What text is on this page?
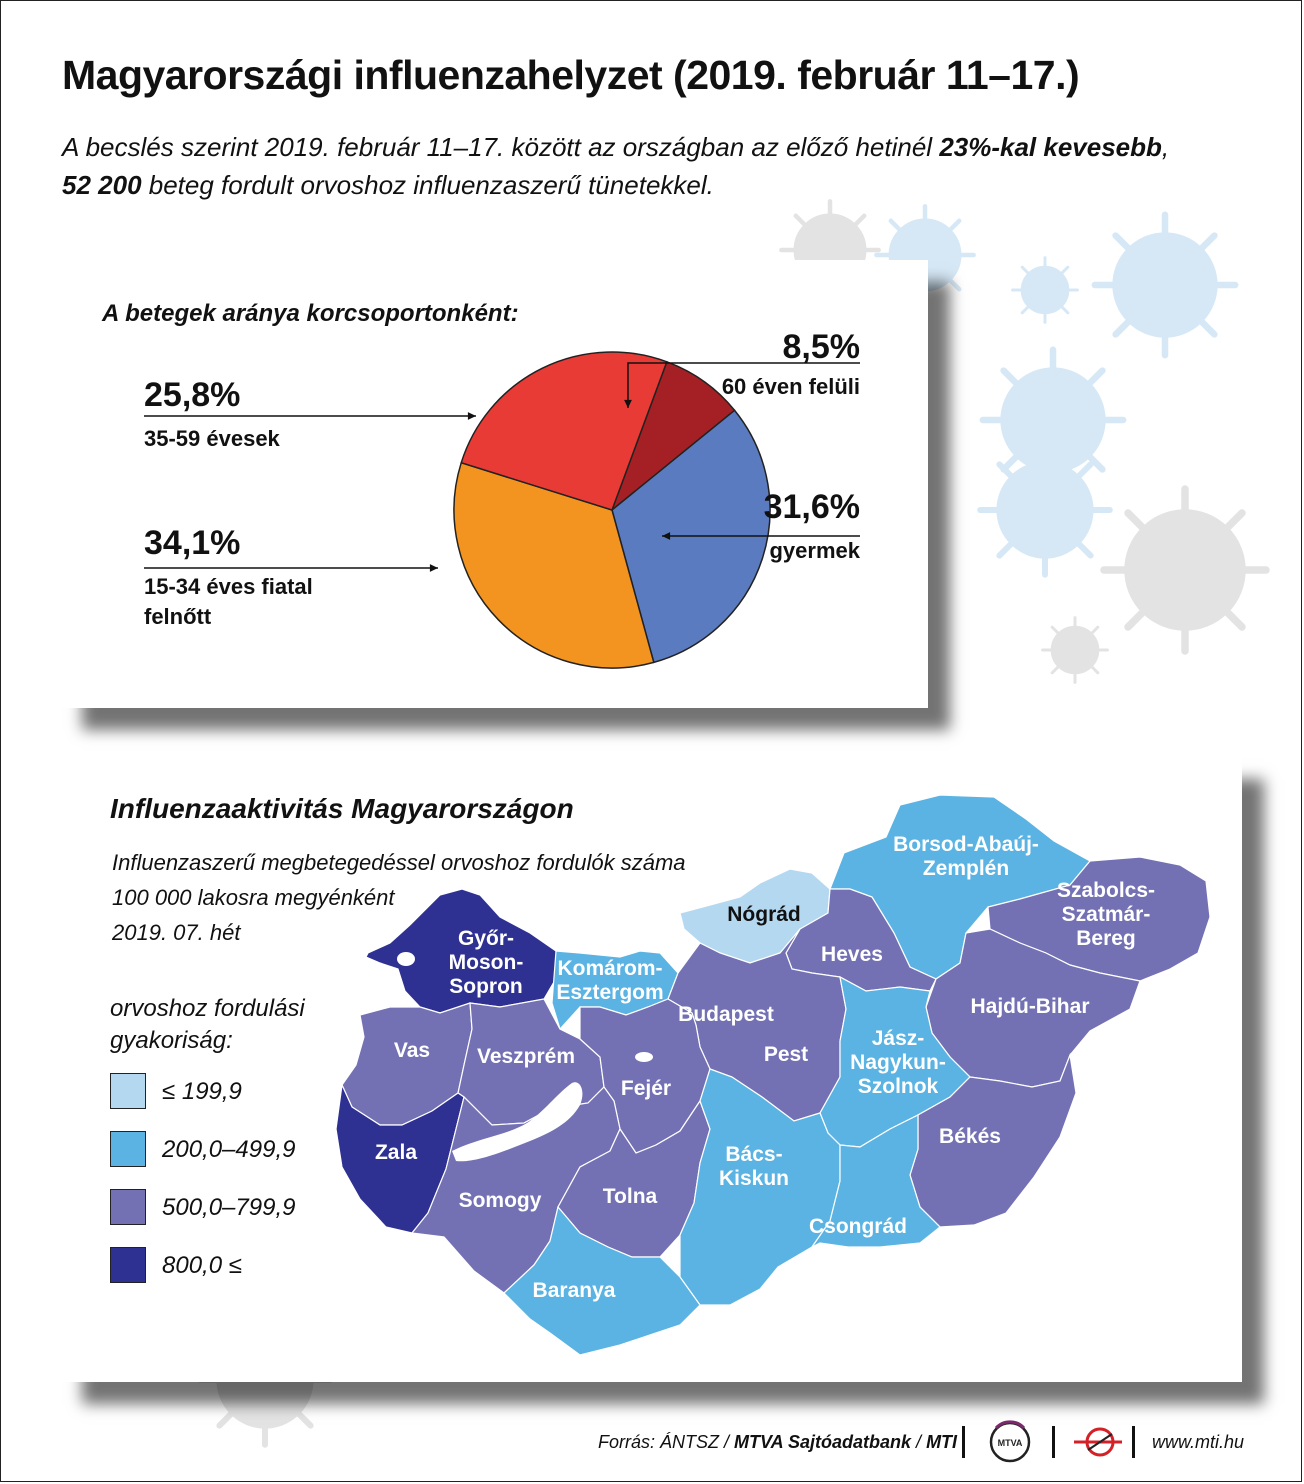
Magyarországi influenzahelyzet (2019. február 11–17.)

A becslés szerint 2019. február 11–17. között az országban az előző hetinél 23%-kal kevesebb,
52 200 beteg fordult orvoshoz influenzaszerű tünetekkel.

A betegek aránya korcsoportonként:
8,5%
60 éven felüli
31,6%
gyermek
34,1%
15-34 éves fiatal
felnőtt
25,8%
35-59 évesek
Győr-Moson-Sopron
Komárom-Esztergom
Nógrád
Borsod-Abaúj-Zemplén
Szabolcs-Szatmár-Bereg
Heves
Budapest
Pest
Hajdú-Bihar
Vas Veszprém
Fejér
Jász-Nagykun-Szolnok
Zala
Somogy	Tolna
Bács-Kiskun
Békés
Csongrád
Baranya
Influenzaaktivitás Magyarországon
Influenzaszerű megbetegedéssel orvoshoz fordulók száma
100 000 lakosra megyénként
2019. 07. hét
orvoshoz fordulási
gyakoriság:
≤ 199,9
200,0–499,9
500,0–799,9
800,0 ≤
Forrás: ÁNTSZ / MTVA Sajtóadatbank / MTI	MTVA	www.mti.hu
